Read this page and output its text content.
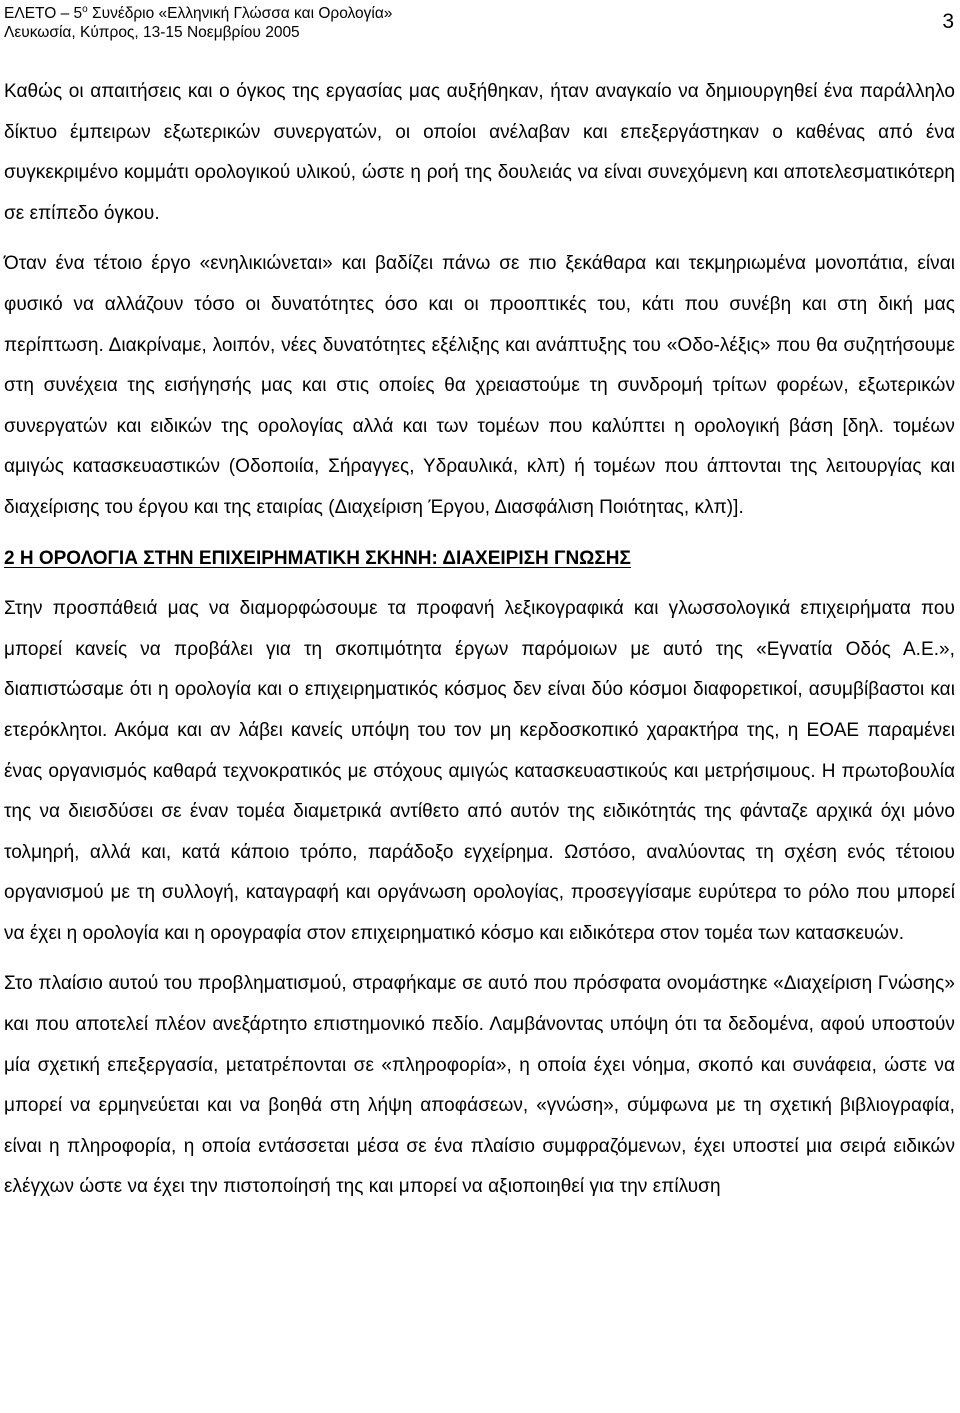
ΕΛΕΤΟ – $5^o$ Συνέδριο «Ελληνική Γλώσσα και Ορολογία»
Λευκωσία, Κύπρος, 13-15 Νοεμβρίου 2005	3

Καθώς οι απαιτήσεις και ο όγκος της εργασίας μας αυξήθηκαν, ήταν αναγκαίο να δημιουργηθεί ένα παράλληλο δίκτυο έμπειρων εξωτερικών συνεργατών, οι οποίοι ανέλαβαν και επεξεργάστηκαν ο καθένας από ένα συγκεκριμένο κομμάτι ορολογικού υλικού, ώστε η ροή της δουλειάς να είναι συνεχόμενη και αποτελεσματικότερη σε επίπεδο όγκου.

Όταν ένα τέτοιο έργο «ενηλικιώνεται» και βαδίζει πάνω σε πιο ξεκάθαρα και τεκμηριωμένα μονοπάτια, είναι φυσικό να αλλάζουν τόσο οι δυνατότητες όσο και οι προοπτικές του, κάτι που συνέβη και στη δική μας περίπτωση. Διακρίναμε, λοιπόν, νέες δυνατότητες εξέλιξης και ανάπτυξης του «Οδο-λέξις» που θα συζητήσουμε στη συνέχεια της εισήγησής μας και στις οποίες θα χρειαστούμε τη συνδρομή τρίτων φορέων, εξωτερικών συνεργατών και ειδικών της ορολογίας αλλά και των τομέων που καλύπτει η ορολογική βάση [δηλ. τομέων αμιγώς κατασκευαστικών (Οδοποιία, Σήραγγες, Υδραυλικά, κλπ) ή τομέων που άπτονται της λειτουργίας και διαχείρισης του έργου και της εταιρίας (Διαχείριση Έργου, Διασφάλιση Ποιότητας, κλπ)].

2 Η ΟΡΟΛΟΓΙΑ ΣΤΗΝ ΕΠΙΧΕΙΡΗΜΑΤΙΚΗ ΣΚΗΝΗ: ΔΙΑΧΕΙΡΙΣΗ ΓΝΩΣΗΣ

Στην προσπάθειά μας να διαμορφώσουμε τα προφανή λεξικογραφικά και γλωσσολογικά επιχειρήματα που μπορεί κανείς να προβάλει για τη σκοπιμότητα έργων παρόμοιων με αυτό της «Εγνατία Οδός Α.Ε.», διαπιστώσαμε ότι η ορολογία και ο επιχειρηματικός κόσμος δεν είναι δύο κόσμοι διαφορετικοί, ασυμβίβαστοι και ετερόκλητοι. Ακόμα και αν λάβει κανείς υπόψη του τον μη κερδοσκοπικό χαρακτήρα της, η ΕΟΑΕ παραμένει ένας οργανισμός καθαρά τεχνοκρατικός με στόχους αμιγώς κατασκευαστικούς και μετρήσιμους. Η πρωτοβουλία της να διεισδύσει σε έναν τομέα διαμετρικά αντίθετο από αυτόν της ειδικότητάς της φάνταζε αρχικά όχι μόνο τολμηρή, αλλά και, κατά κάποιο τρόπο, παράδοξο εγχείρημα. Ωστόσο, αναλύοντας τη σχέση ενός τέτοιου οργανισμού με τη συλλογή, καταγραφή και οργάνωση ορολογίας, προσεγγίσαμε ευρύτερα το ρόλο που μπορεί να έχει η ορολογία και η ορογραφία στον επιχειρηματικό κόσμο και ειδικότερα στον τομέα των κατασκευών.

Στο πλαίσιο αυτού του προβληματισμού, στραφήκαμε σε αυτό που πρόσφατα ονομάστηκε «Διαχείριση Γνώσης» και που αποτελεί πλέον ανεξάρτητο επιστημονικό πεδίο. Λαμβάνοντας υπόψη ότι τα δεδομένα, αφού υποστούν μία σχετική επεξεργασία, μετατρέπονται σε «πληροφορία», η οποία έχει νόημα, σκοπό και συνάφεια, ώστε να μπορεί να ερμηνεύεται και να βοηθά στη λήψη αποφάσεων, «γνώση», σύμφωνα με τη σχετική βιβλιογραφία, είναι η πληροφορία, η οποία εντάσσεται μέσα σε ένα πλαίσιο συμφραζόμενων, έχει υποστεί μια σειρά ειδικών ελέγχων ώστε να έχει την πιστοποίησή της και μπορεί να αξιοποιηθεί για την επίλυση
